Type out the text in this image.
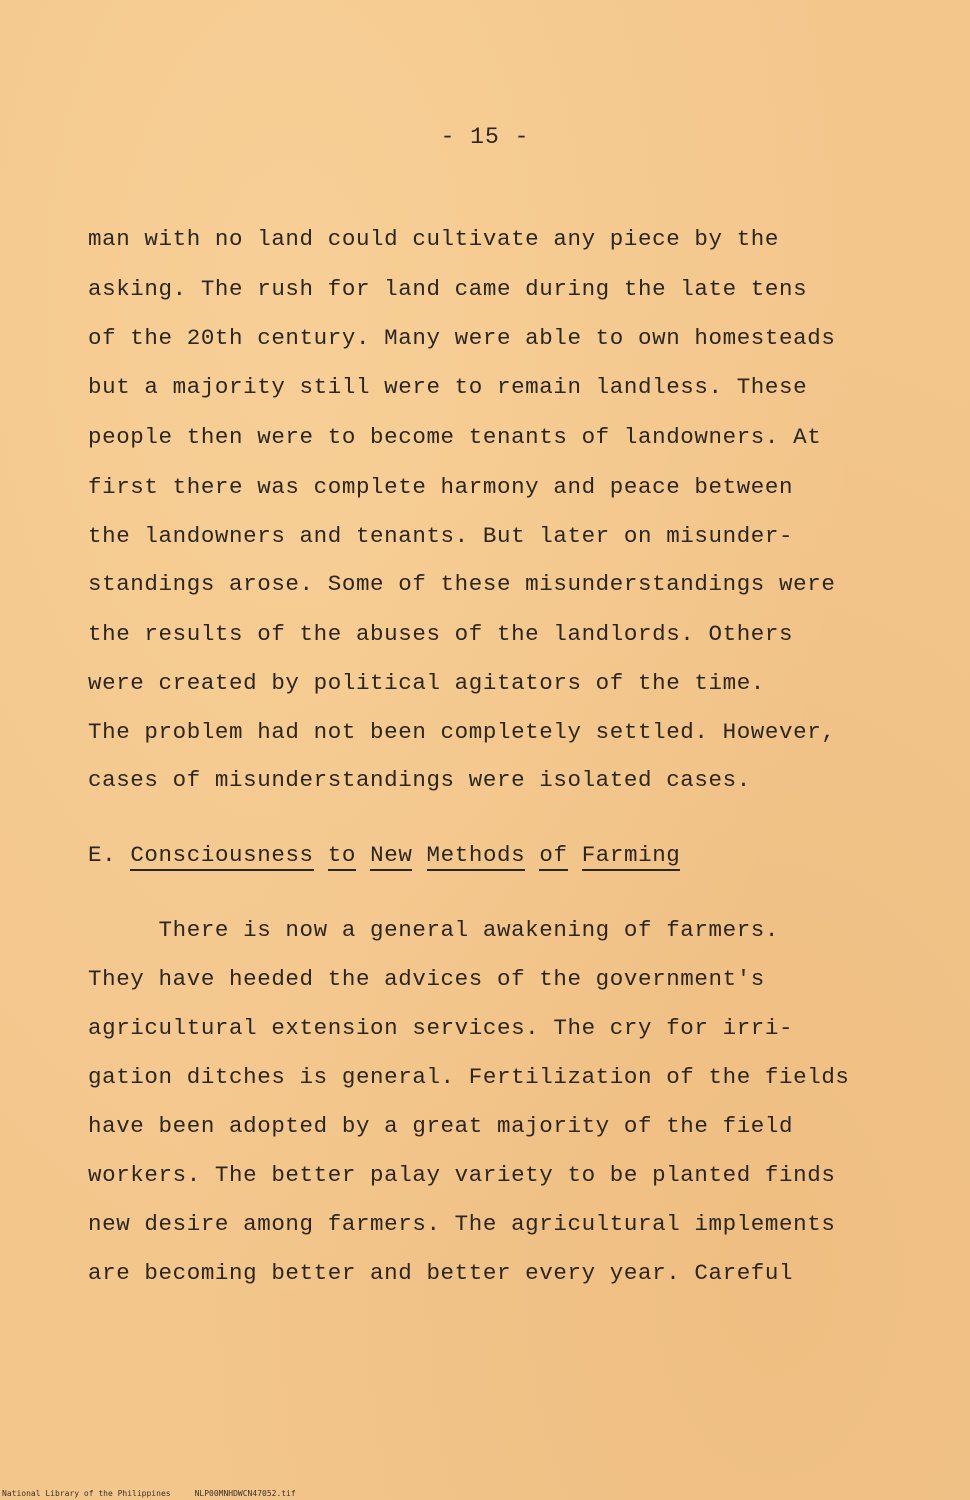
- 15 -
man with no land could cultivate any piece by the
asking. The rush for land came during the late tens
of the 20th century. Many were able to own homesteads
but a majority still were to remain landless. These
people then were to become tenants of landowners. At
first there was complete harmony and peace between
the landowners and tenants. But later on misunder-
standings arose. Some of these misunderstandings were
the results of the abuses of the landlords. Others
were created by political agitators of the time.
The problem had not been completely settled. However,
cases of misunderstandings were isolated cases.
E. Consciousness to New Methods of Farming
There is now a general awakening of farmers.
They have heeded the advices of the government's
agricultural extension services. The cry for irri-
gation ditches is general. Fertilization of the fields
have been adopted by a great majority of the field
workers. The better palay variety to be planted finds
new desire among farmers. The agricultural implements
are becoming better and better every year. Careful
National Library of the Philippines	NLP00MNHDWCN47052.tif
